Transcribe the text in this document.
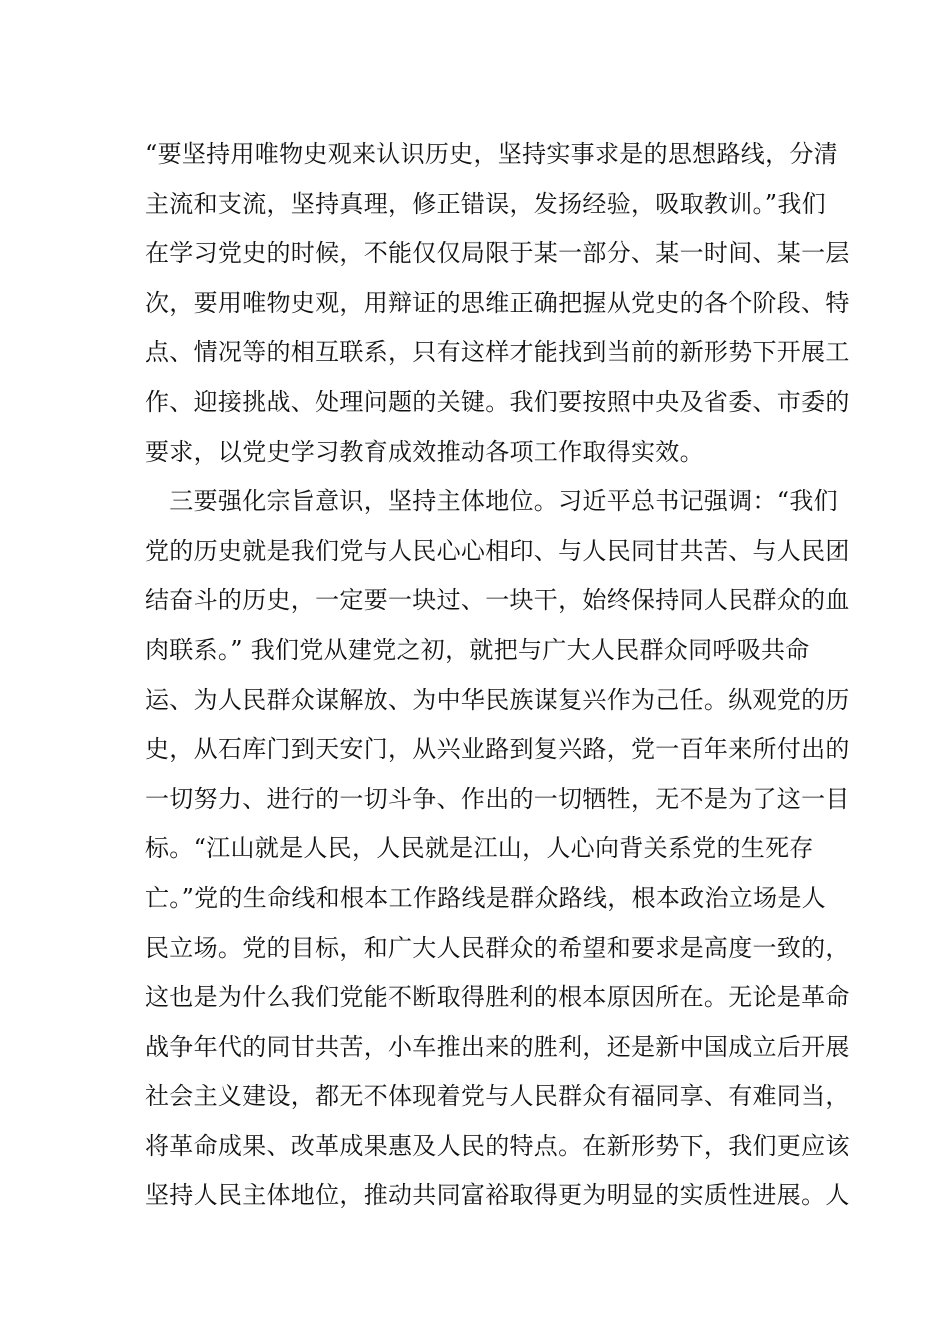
“要坚持用唯物史观来认识历史，坚持实事求是的思想路线，分清
主流和支流，坚持真理，修正错误，发扬经验，吸取教训。”我们
在学习党史的时候，不能仅仅局限于某一部分、某一时间、某一层
次，要用唯物史观，用辩证的思维正确把握从党史的各个阶段、特
点、情况等的相互联系，只有这样才能找到当前的新形势下开展工
作、迎接挑战、处理问题的关键。我们要按照中央及省委、市委的
要求，以党史学习教育成效推动各项工作取得实效。
　三要强化宗旨意识，坚持主体地位。习近平总书记强调：“我们
党的历史就是我们党与人民心心相印、与人民同甘共苦、与人民团
结奋斗的历史，一定要一块过、一块干，始终保持同人民群众的血
肉联系。” 我们党从建党之初，就把与广大人民群众同呼吸共命
运、为人民群众谋解放、为中华民族谋复兴作为己任。纵观党的历
史，从石库门到天安门，从兴业路到复兴路，党一百年来所付出的
一切努力、进行的一切斗争、作出的一切牺牲，无不是为了这一目
标。“江山就是人民，人民就是江山，人心向背关系党的生死存
亡。”党的生命线和根本工作路线是群众路线，根本政治立场是人
民立场。党的目标，和广大人民群众的希望和要求是高度一致的，
这也是为什么我们党能不断取得胜利的根本原因所在。无论是革命
战争年代的同甘共苦，小车推出来的胜利，还是新中国成立后开展
社会主义建设，都无不体现着党与人民群众有福同享、有难同当，
将革命成果、改革成果惠及人民的特点。在新形势下，我们更应该
坚持人民主体地位，推动共同富裕取得更为明显的实质性进展。人
